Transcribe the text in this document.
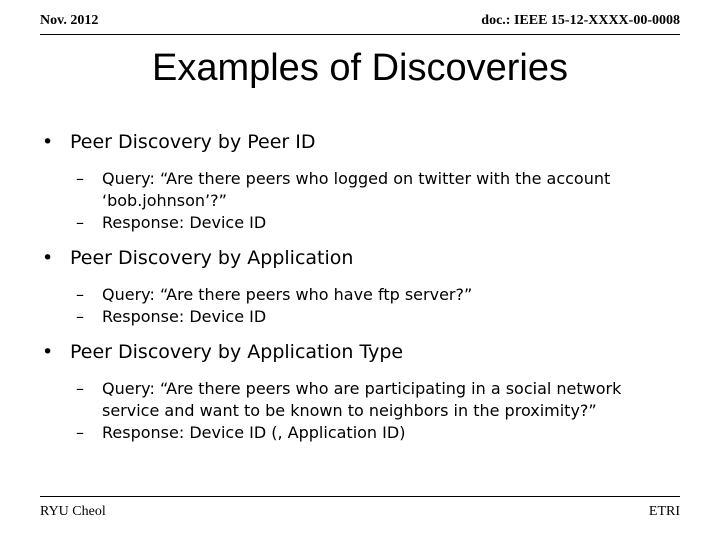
Nov. 2012	doc.: IEEE 15-12-XXXX-00-0008
Examples of Discoveries
• Peer Discovery by Peer ID
– Query: “Are there peers who logged on twitter with the account ‘bob.johnson’?”
– Response: Device ID
• Peer Discovery by Application
– Query: “Are there peers who have ftp server?”
– Response: Device ID
• Peer Discovery by Application Type
– Query: “Are there peers who are participating in a social network service and want to be known to neighbors in the proximity?”
– Response: Device ID (, Application ID)
RYU Cheol	ETRI
